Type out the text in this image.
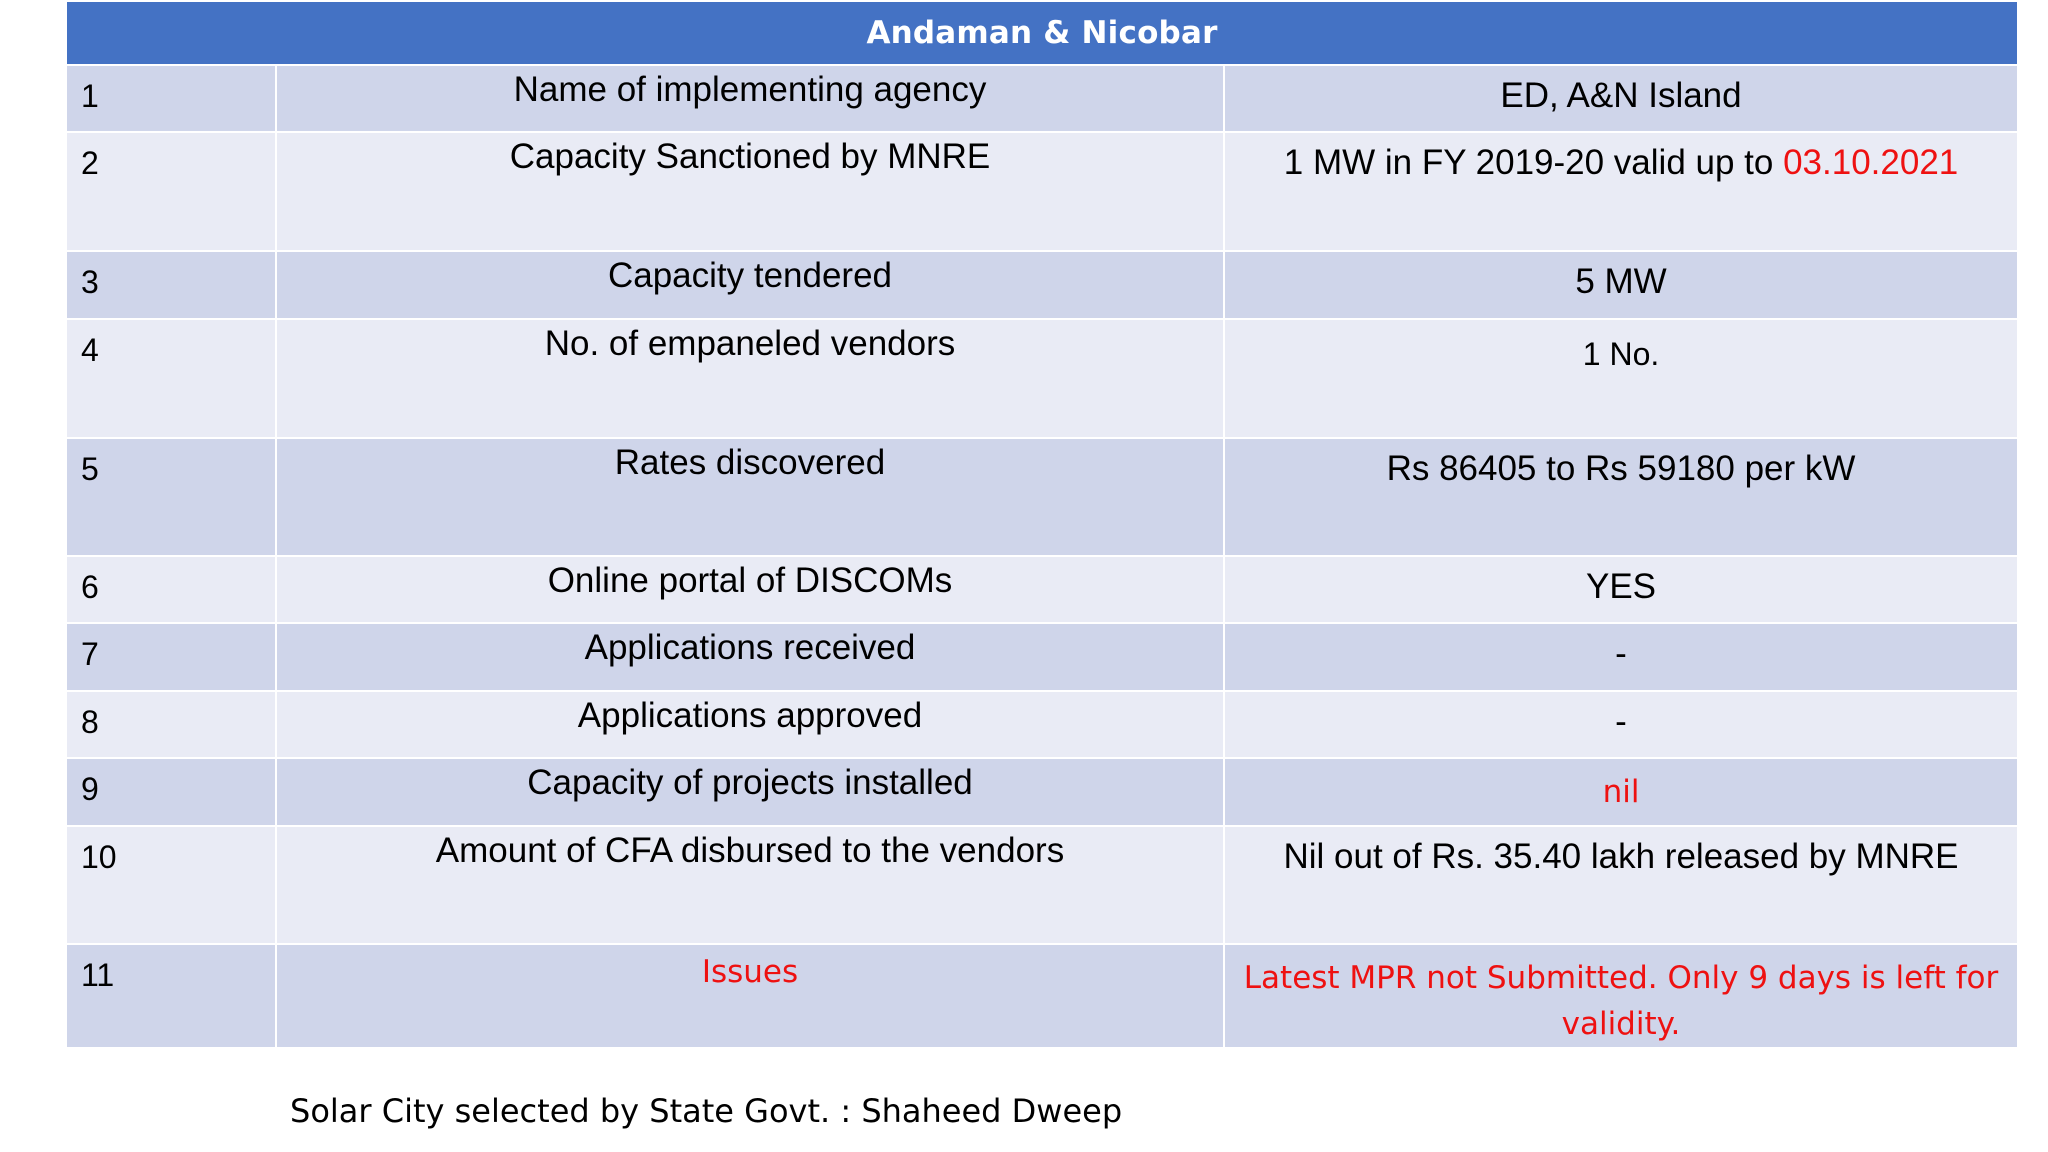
Andaman & Nicobar		
1	Name of implementing agency	ED, A&N Island
2	Capacity Sanctioned by MNRE	1 MW in FY 2019-20 valid up to 03.10.2021
3	Capacity tendered	5 MW
4	No. of empaneled vendors	1 No.
5	Rates discovered	Rs 86405 to Rs 59180 per kW
6	Online portal of DISCOMs	YES
7	Applications received	-
8	Applications approved	-
9	Capacity of projects installed	nil
10	Amount of CFA disbursed to the vendors	Nil out of Rs. 35.40 lakh released by MNRE
11	Issues	Latest MPR not Submitted. Only 9 days is left for validity.
Solar City selected by State Govt. : Shaheed Dweep
